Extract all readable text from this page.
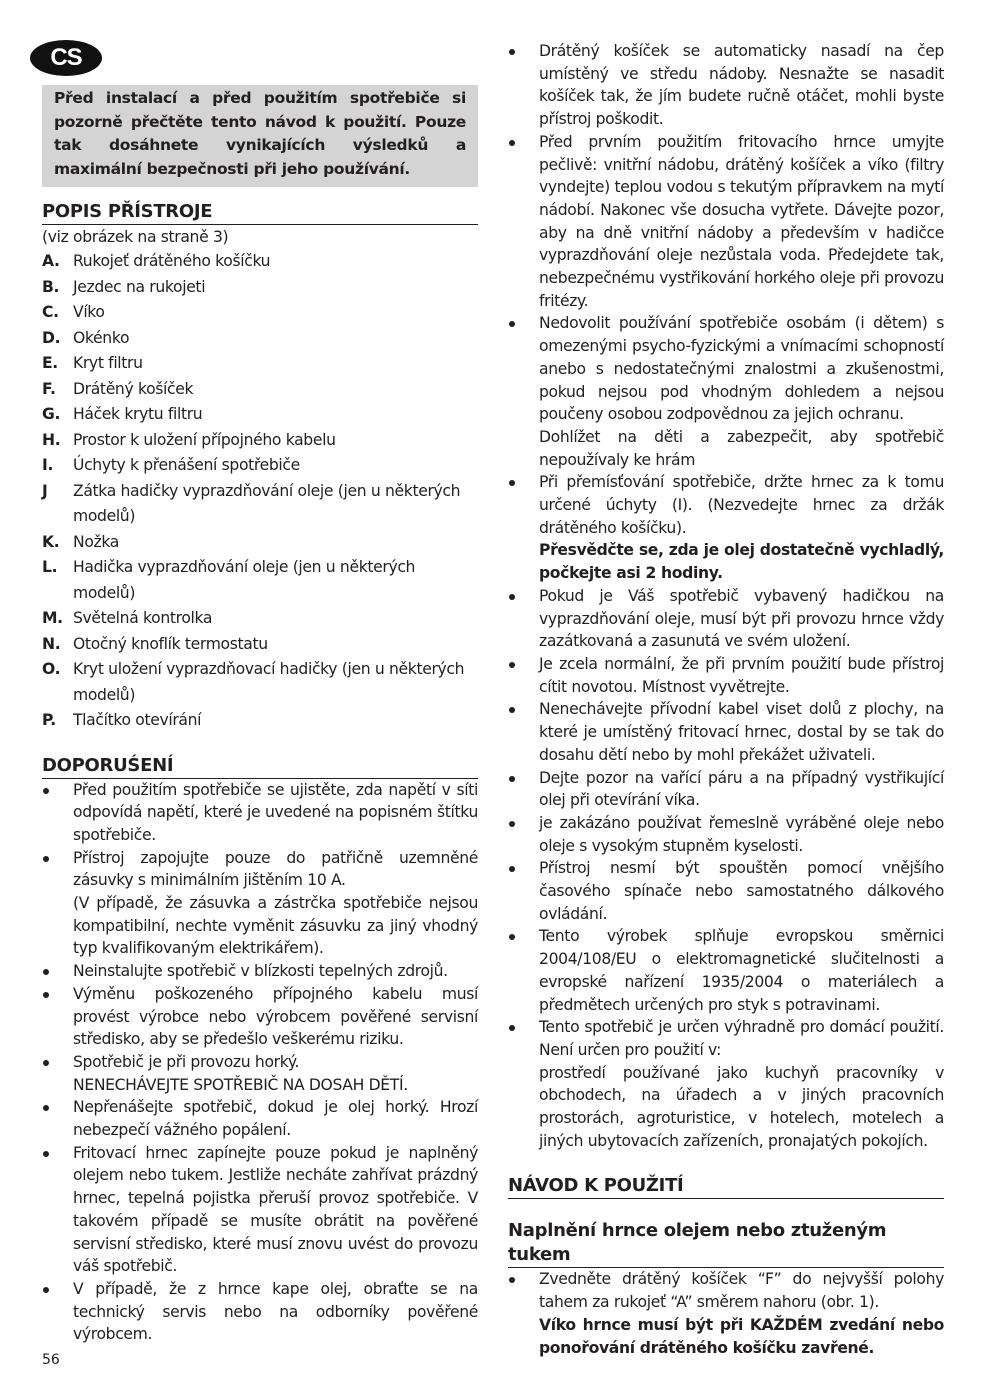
CS
Před instalací a před použitím spotřebiče si pozorně přečtěte tento návod k použití. Pouze tak dosáhnete vynikajících výsledků a maximální bezpečnosti při jeho používání.
POPIS PŘÍSTROJE
(viz obrázek na straně 3)
A. Rukojeť drátěného košíčku
B. Jezdec na rukojeti
C. Víko
D. Okénko
E. Kryt filtru
F. Drátěný košíček
G. Háček krytu filtru
H. Prostor k uložení přípojného kabelu
I. Úchyty k přenášení spotřebiče
J Zátka hadičky vyprazdňování oleje (jen u některých modelů)
K. Nožka
L. Hadička vyprazdňování oleje (jen u některých modelů)
M. Světelná kontrolka
N. Otočný knoflík termostatu
O. Kryt uložení vyprazdňovací hadičky (jen u některých modelů)
P. Tlačítko otevírání
DOPORUŚENÍ
Před použitím spotřebiče se ujistěte, zda napětí v síti odpovídá napětí, které je uvedené na popisném štítku spotřebiče.
Přístroj zapojujte pouze do patřičně uzemněné zásuvky s minimálním jištěním 10 A.
(V případě, že zásuvka a zástrčka spotřebiče nejsou kompatibilní, nechte vyměnit zásuvku za jiný vhodný typ kvalifikovaným elektrikářem).
Neinstalujte spotřebič v blízkosti tepelných zdrojů.
Výměnu poškozeného přípojného kabelu musí provést výrobce nebo výrobcem pověřené servisní středisko, aby se předešlo veškerému riziku.
Spotřebič je při provozu horký.
NENECHÁVEJTE SPOTŘEBIČ NA DOSAH DĚTÍ.
Nepřenášejte spotřebič, dokud je olej horký. Hrozí nebezpečí vážného popálení.
Fritovací hrnec zapínejte pouze pokud je naplněný olejem nebo tukem. Jestliže necháte zahřívat prázdný hrnec, tepelná pojistka přeruší provoz spotřebiče. V takovém případě se musíte obrátit na pověřené servisní středisko, které musí znovu uvést do provozu váš spotřebič.
V případě, že z hrnce kape olej, obraťte se na technický servis nebo na odborníky pověřené výrobcem.
Drátěný košíček se automaticky nasadí na čep umístěný ve středu nádoby. Nesnažte se nasadit košíček tak, že jím budete ručně otáčet, mohli byste přístroj poškodit.
Před prvním použitím fritovacího hrnce umyjte pečlivě: vnitřní nádobu, drátěný košíček a víko (filtry vyndejte) teplou vodou s tekutým přípravkem na mytí nádobí. Nakonec vše dosucha vytřete. Dávejte pozor, aby na dně vnitřní nádoby a především v hadičce vyprazdňování oleje nezůstala voda. Předejdete tak, nebezpečnému vystřikování horkého oleje při provozu fritézy.
Nedovolit používání spotřebiče osobám (i dětem) s omezenými psycho-fyzickými a vnímacími schopností anebo s nedostatečnými znalostmi a zkušenostmi, pokud nejsou pod vhodným dohledem a nejsou poučeny osobou zodpovědnou za jejich ochranu.
Dohlížet na děti a zabezpečit, aby spotřebič nepoužívaly ke hrám
Při přemísťování spotřebiče, držte hrnec za k tomu určené úchyty (I). (Nezvedejte hrnec za držák drátěného košíčku).
Přesvědčte se, zda je olej dostatečně vychladlý, počkejte asi 2 hodiny.
Pokud je Váš spotřebič vybavený hadičkou na vyprazdňování oleje, musí být při provozu hrnce vždy zazátkovaná a zasunutá ve svém uložení.
Je zcela normální, že při prvním použití bude přístroj cítit novotou. Místnost vyvětrejte.
Nenechávejte přívodní kabel viset dolů z plochy, na které je umístěný fritovací hrnec, dostal by se tak do dosahu dětí nebo by mohl překážet uživateli.
Dejte pozor na vařící páru a na případný vystřikující olej při otevírání víka.
je zakázáno používat řemeslně vyráběné oleje nebo oleje s vysokým stupněm kyselosti.
Přístroj nesmí být spouštěn pomocí vnějšího časového spínače nebo samostatného dálkového ovládání.
Tento výrobek splňuje evropskou směrnici 2004/108/EU o elektromagnetické slučitelnosti a evropské nařízení 1935/2004 o materiálech a předmětech určených pro styk s potravinami.
Tento spotřebič je určen výhradně pro domácí použití. Není určen pro použití v:
prostředí používané jako kuchyň pracovníky v obchodech, na úřadech a v jiných pracovních prostorách, agroturistice, v hotelech, motelech a jiných ubytovacích zařízeních, pronajatých pokojích.
NÁVOD K POUŽITÍ
Naplnění hrnce olejem nebo ztuženým tukem
Zvedněte drátěný košíček “F” do nejvyšší polohy tahem za rukojeť “A” směrem nahoru (obr. 1).
Víko hrnce musí být při KAŽDÉM zvedání nebo ponořování drátěného košíčku zavřené.
56
